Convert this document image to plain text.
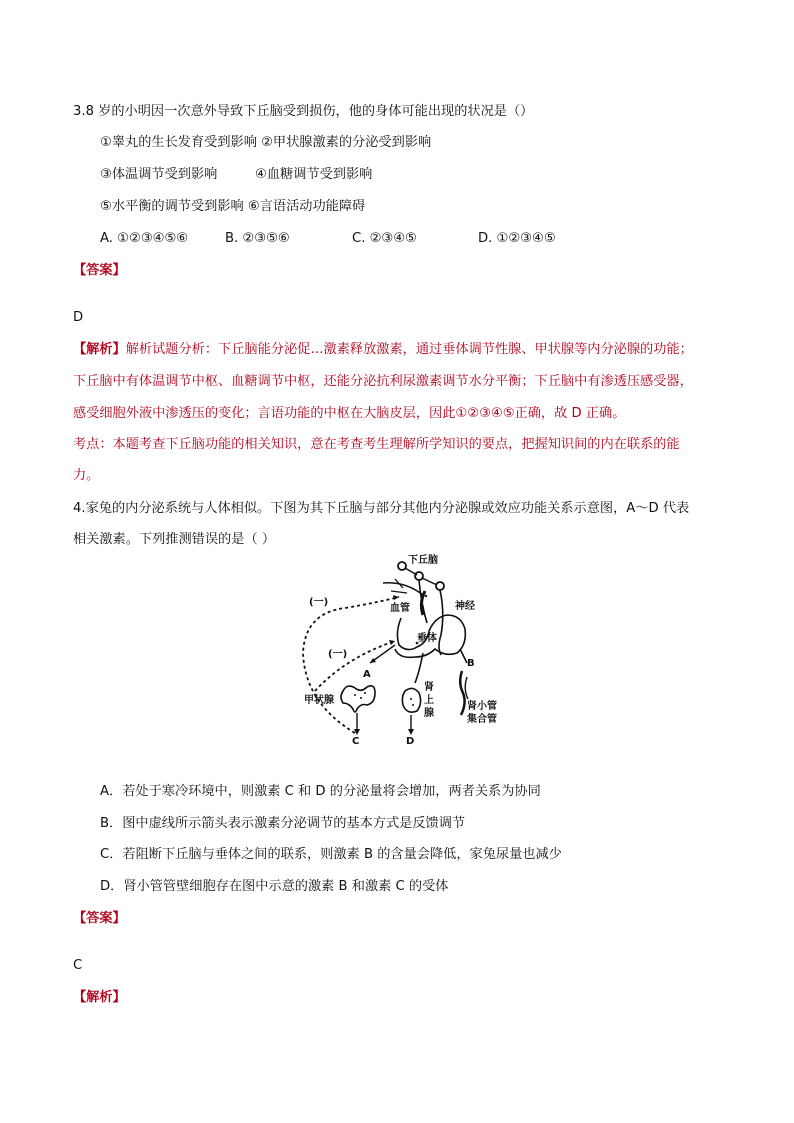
3.8 岁的小明因一次意外导致下丘脑受到损伤，他的身体可能出现的状况是（）
①睾丸的生长发育受到影响 ②甲状腺激素的分泌受到影响
③体温调节受到影响	④血糖调节受到影响
⑤水平衡的调节受到影响 ⑥言语活动功能障碍
A. ①②③④⑤⑥	B. ②③⑤⑥	C. ②③④⑤	D. ①②③④⑤
【答案】
D
【解析】解析试题分析：下丘脑能分泌促…激素释放激素，通过垂体调节性腺、甲状腺等内分泌腺的功能；
下丘脑中有体温调节中枢、血糖调节中枢，还能分泌抗利尿激素调节水分平衡；下丘脑中有渗透压感受器，
感受细胞外液中渗透压的变化；言语功能的中枢在大脑皮层，因此①②③④⑤正确，故 D 正确。
考点：本题考查下丘脑功能的相关知识，意在考查考生理解所学知识的要点，把握知识间的内在联系的能
力。
4.家兔的内分泌系统与人体相似。下图为其下丘脑与部分其他内分泌腺或效应功能关系示意图，A～D 代表
相关激素。下列推测错误的是（ ）
下丘脑
血管	神经
垂体
(一)
(一)
A
B
甲状腺
肾
上
腺
肾小管
集合管
C	D
A．若处于寒冷环境中，则激素 C 和 D 的分泌量将会增加，两者关系为协同
B．图中虚线所示箭头表示激素分泌调节的基本方式是反馈调节
C．若阻断下丘脑与垂体之间的联系，则激素 B 的含量会降低，家兔尿量也减少
D．肾小管管壁细胞存在图中示意的激素 B 和激素 C 的受体
【答案】
C
【解析】
